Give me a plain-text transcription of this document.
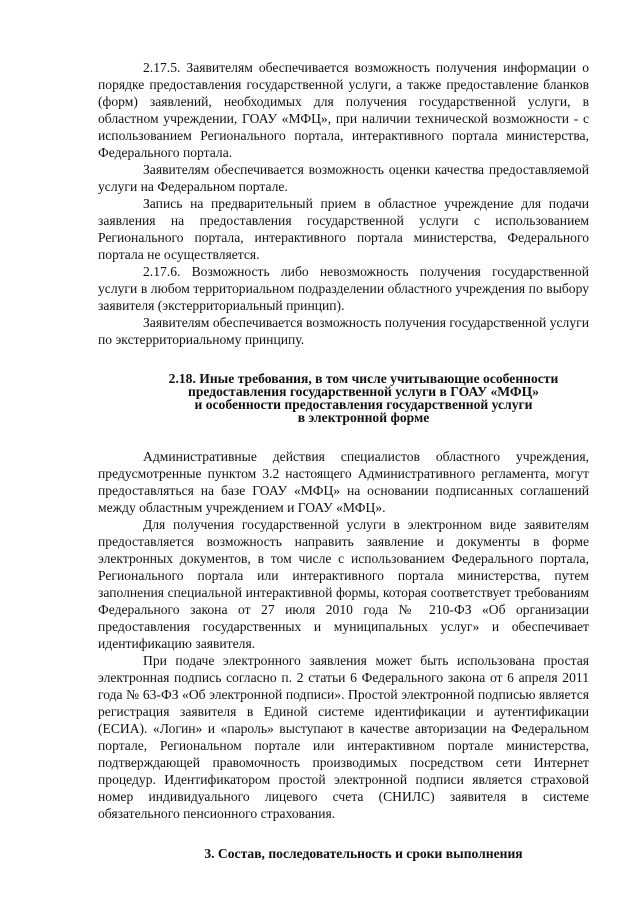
2.17.5. Заявителям обеспечивается возможность получения информации о порядке предоставления государственной услуги, а также предоставление бланков (форм) заявлений, необходимых для получения государственной услуги, в областном учреждении, ГОАУ «МФЦ», при наличии технической возможности - с использованием Регионального портала, интерактивного портала министерства, Федерального портала.

Заявителям обеспечивается возможность оценки качества предоставляемой услуги на Федеральном портале.

Запись на предварительный прием в областное учреждение для подачи заявления на предоставления государственной услуги с использованием Регионального портала, интерактивного портала министерства, Федерального портала не осуществляется.

2.17.6. Возможность либо невозможность получения государственной услуги в любом территориальном подразделении областного учреждения по выбору заявителя (экстерриториальный принцип).

Заявителям обеспечивается возможность получения государственной услуги по экстерриториальному принципу.

2.18. Иные требования, в том числе учитывающие особенности
предоставления государственной услуги в ГОАУ «МФЦ»
и особенности предоставления государственной услуги
в электронной форме

Административные действия специалистов областного учреждения, предусмотренные пунктом 3.2 настоящего Административного регламента, могут предоставляться на базе ГОАУ «МФЦ» на основании подписанных соглашений между областным учреждением и ГОАУ «МФЦ».

Для получения государственной услуги в электронном виде заявителям предоставляется возможность направить заявление и документы в форме электронных документов, в том числе с использованием Федерального портала, Регионального портала или интерактивного портала министерства, путем заполнения специальной интерактивной формы, которая соответствует требованиям Федерального закона от 27 июля 2010 года № 210-ФЗ «Об организации предоставления государственных и муниципальных услуг» и обеспечивает идентификацию заявителя.

При подаче электронного заявления может быть использована простая электронная подпись согласно п. 2 статьи 6 Федерального закона от 6 апреля 2011 года № 63-ФЗ «Об электронной подписи». Простой электронной подписью является регистрация заявителя в Единой системе идентификации и аутентификации (ЕСИА). «Логин» и «пароль» выступают в качестве авторизации на Федеральном портале, Региональном портале или интерактивном портале министерства, подтверждающей правомочность производимых посредством сети Интернет процедур. Идентификатором простой электронной подписи является страховой номер индивидуального лицевого счета (СНИЛС) заявителя в системе обязательного пенсионного страхования.

3. Состав, последовательность и сроки выполнения
